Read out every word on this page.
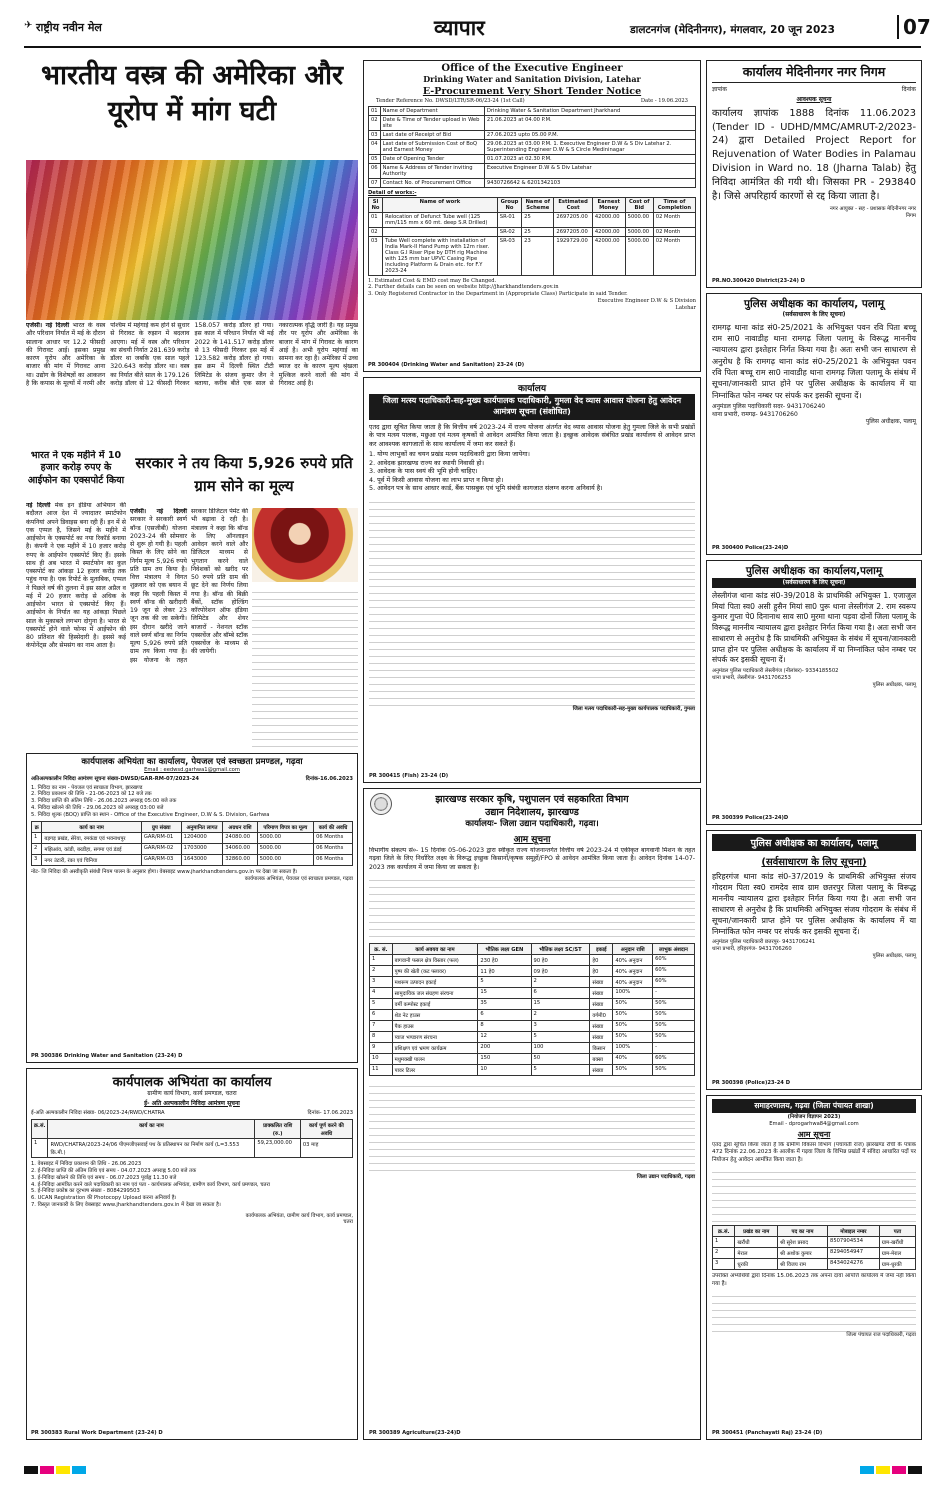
✈ राष्ट्रीय नवीन मेल	व्यापार	डालटनगंज (मेदिनीनगर), मंगलवार, 20 जून 2023	07
भारतीय वस्त्र की अमेरिका और यूरोप में मांग घटी
एजेंसी। नई दिल्ली भारत के वस्त्र और परिधान निर्यात में मई के दौरान सालाना आधार पर 12.2 फीसदी की गिरावट आई। इसका प्रमुख कारण यूरोप और अमेरिका के बाजार की मांग में गिरावट आना था। उद्योग के विशेषज्ञों का आकलन है कि कपास के मूल्यों में नरमी और पश्चिम में महंगाई कम होने से सुधार से गिरावट के रुझान में बदलाव आएगा। मई में वस्त्र और परिधान का संचयी निर्यात 281.639 करोड़ डॉलर था जबकि एक साल पहले 320.643 करोड़ डॉलर था। वस्त्र का निर्यात बीते साल के 179.126 करोड़ डॉलर से 12 फीसदी गिरकर 158.057 करोड़ डॉलर हो गया। इस काल में परिधान निर्यात भी मई 2022 के 141.517 करोड़ डॉलर से 13 फीसदी गिरकर इस मई में 123.582 करोड़ डॉलर हो गया। इस क्रम में दिल्ली स्थित टीटी लिमिटेड के संजय कुमार जैन ने बताया, करीब बीते एक साल से नकारात्मक वृद्धि जारी है। यह प्रमुख तौर पर यूरोप और अमेरिका के बाजार में मांग में गिरावट के कारण आई है। अभी यूरोप महंगाई का सामना कर रहा है। अमेरिका में उच्च ब्याज दर के कारण मूल्य श्रृंखला मुश्किल करने वालों की मांग में गिरावट आई है।
भारत ने एक महीने में 10 हजार करोड़ रुपए के आईफोन का एक्सपोर्ट किया
नई दिल्ली मेक इन इंडिया अभियान की बदौलत आज देश में ज्यादातर स्मार्टफोन कंपनियां अपने डिवाइस बना रही हैं। इन में से एक एप्पल है, जिसने मई के महीने में आईफोन के एक्सपोर्ट का नया रिकॉर्ड बनाया है। कंपनी ने एक महीने में 10 हजार करोड़ रुपए के आईफोन एक्सपोर्ट किए हैं। इसके साथ ही अब भारत में स्मार्टफोन का कुल एक्सपोर्ट का आंकड़ा 12 हजार करोड़ तक पहुंच गया है। एक रिपोर्ट के मुताबिक, एप्पल ने पिछले वर्ष की तुलना में इस साल अप्रैल व मई में 20 हजार करोड़ से अधिक के आईफोन भारत से एक्सपोर्ट किए हैं। आईफोन के निर्यात का यह आंकड़ा पिछले साल के मुकाबले लगभग दोगुना है। भारत से एक्सपोर्ट होने वाले फोन्स में आईफोन की 80 प्रतिशत की हिस्सेदारी है। इससे कई कंपोनेंट्स और सेमसंग का नाम आता है।
सरकार ने तय किया 5,926 रुपये प्रति ग्राम सोने का मूल्य
एजेंसी। नई दिल्ली सरकार ने सरकारी स्वर्ण बॉन्ड (एसजीबी) योजना 2023-24 की सोमवार से शुरू हो गयी है। पहली किस्त के लिए सोने का निर्गम मूल्य 5,926 रुपये प्रति ग्राम तय किया है। वित्त मंत्रालय ने विगत शुक्रवार को एक बयान में कहा कि पहली किस्त में स्वर्ण बॉन्ड की खरीदारी 19 जून से लेकर 23 जून तक की जा सकेगी। इस दौरान खरीदे जाने वाले स्वर्ण बॉन्ड का निर्गम मूल्य 5,926 रुपये प्रति ग्राम तय किया गया है। इस योजना के तहत सरकार डिजिटल पेमेंट की भी बढ़ावा दे रही है। मंत्रालय ने कहा कि बॉन्ड के लिए ऑनलाइन आवेदन करने वाले और डिजिटल माध्यम से भुगतान करने वाले निवेशकों को खरीद पर 50 रुपये प्रति ग्राम की छूट देने का निर्णय लिया गया है। बॉन्ड की बिक्री बैंकों, स्टॉक होल्डिंग कॉरपोरेशन ऑफ इंडिया लिमिटेड और शेयर बाजारों - नेशनल स्टॉक एक्सचेंज और बॉम्बे स्टॉक एक्सचेंज के माध्यम से की जायेगी।
कार्यपालक अभियंता का कार्यालय, पेयजल एवं स्वच्छता प्रमण्डल, गढ़वा
Email : eedwsd.garhwa1@gmail.com
अतिअल्पकालीन निविदा आमंत्रण सूचना संख्या-DWSD/GAR-RM-07/2023-24	दिनांक-16.06.2023
1. निविदा का नाम - पेयजल एवं स्वच्छता विभाग, झारखण्ड
2. निविदा प्रकाशन की तिथि - 21-06-2023 को 12 बजे तक
3. निविदा प्राप्ति की अंतिम तिथि - 26.06.2023 अपराह्न 05:00 बजे तक
4. निविदा खोलने की तिथि - 29.06.2023 को अपराह्न 03:00 बजे
5. निविदा शुल्क (BOQ) प्राप्ति का स्थान - Office of the Executive Engineer, D.W & S. Division, Garhwa
क्र	कार्य का नाम	ग्रुप संख्या	अनुमानित लागत	अग्रधन राशि	परिमाण विपत्र का मूल्य	कार्य की अवधि
1	बड़गड़ प्रखंड, सेरेया, रमकंडा एवं भवनाथपुर	GAR/RM-01	1204000	24080.00	5000.00	06 Months
2	मझिआंव, कांडी, बरडीहा, सगमा एवं डंडई	GAR/RM-02	1703000	34060.00	5000.00	06 Months
3	नगर उंटारी, रंका एवं चिनिया	GAR/RM-03	1643000	32860.00	5000.00	06 Months
नोट- जि निविदा की अस्वीकृति संबंधी नियम पालन के अनुसार होगा। वेबसाइट www.jharkhandtenders.gov.in पर देखा जा सकता है।
कार्यपालक अभियंता, पेयजल एवं स्वच्छता प्रमण्डल, गढ़वा
PR 300386 Drinking Water and Sanitation (23-24) D
कार्यपालक अभियंता का कार्यालय
ग्रामीण कार्य विभाग, कार्य प्रमण्डल, चतरा
ई- अति अल्पकालीन निविदा आमंत्रण सूचना
ई-अति अल्पकालीन निविदा संख्या- 06/2023-24/RWD/CHATRA	दिनांक- 17.06.2023
क्र.सं.	कार्य का नाम	प्राक्कलित राशि (रु.)	कार्य पूर्ण करने की अवधि
1	RWD/CHATRA/2023-24/06 पीएमजीएसवाई पथ के प्रतिस्थापन का निर्माण कार्य (L=3.553 कि.मी.)	59,23,000.00	03 माह
1. वेबसाइट में निविदा प्रकाशन की तिथि - 26.06.2023
2. ई-निविदा प्राप्ति की अंतिम तिथि एवं समय - 04.07.2023 अपराह्न 5.00 बजे तक
3. ई-निविदा खोलने की तिथि एवं समय - 06.07.2023 पूर्वाह्न 11.30 बजे
4. ई-निविदा आमंत्रित करने वाले पदाधिकारी का नाम एवं पता - कार्यपालक अभियंता, ग्रामीण कार्य विभाग, कार्य प्रमण्डल, चतरा
5. ई-निविदा प्रकोष्ठ का दूरभाष संख्या - 8084299503
6. UCAN Registration की Photocopy Upload करना अनिवार्य है।
7. विस्तृत जानकारी के लिए वेबसाइट www.jharkhandtenders.gov.in में देखा जा सकता है।
कार्यपालक अभियंता, ग्रामीण कार्य विभाग, कार्य प्रमण्डल, चतरा
PR 300383 Rural Work Department (23-24) D
Office of the Executive Engineer
Drinking Water and Sanitation Division, Latehar
E-Procurement Very Short Tender Notice
Tender Reference No. DWSD/LTR/SR-06/23-24 (1st Call)	Date - 19.06.2023
01	Name of Department	Drinking Water & Sanitation Department Jharkhand
02	Date & Time of Tender upload in Web site	21.06.2023 at 04.00 P.M.
03	Last date of Receipt of Bid	27.06.2023 upto 05.00 P.M.
04	Last date of Submission Cost of BoQ and Earnest Money	29.06.2023 at 03.00 P.M. 1. Executive Engineer D.W & S Div Latehar 2. Superintending Engineer D.W & S Circle Medininagar
05	Date of Opening Tender	01.07.2023 at 02.30 P.M.
06	Name & Address of Tender inviting Authority	Executive Engineer D.W & S Div Latehar
07	Contact No. of Procurement Office	9430726642 & 6201342103
Detail of works:-
Sl No	Name of work	Group No	Name of Scheme	Estimated Cost	Earnest Money	Cost of Bid	Time of Completion
01	Relocation of Defunct Tube well (125 mm/115 mm x 60 mt. deep S.R Drilled)	SR-01	25	2697205.00	42000.00	5000.00	02 Month
02		SR-02	25	2697205.00	42000.00	5000.00	02 Month
03	Tube Well complete with installation of India Mark-II Hand Pump with 12m riser. Class G.I Riser Pipe by DTH rig Machine with 125 mm bar UPVC Casing Pipe including Platform & Drain etc. for F.Y 2023-24	SR-03	23	1929729.00	42000.00	5000.00	02 Month
1. Estimated Cost & EMD cost may Be Changed.
2. Further details can be seen on website http://jharkhandtenders.gov.in
3. Only Registered Contractor in the Department in (Appropriate Class) Participate in said Tender.
Executive Engineer D.W & S Division Latehar
PR 300404 (Drinking Water and Sanitation) 23-24 (D)
कार्यालय
जिला मत्स्य पदाधिकारी-सह-मुख्य कार्यपालक पदाधिकारी, गुमला वेद व्यास आवास योजना हेतु आवेदन आमंत्रण सूचना (संशोधित)
एतद द्वारा सूचित किया जाता है कि वित्तीय वर्ष 2023-24 में राज्य योजना अंतर्गत वेद व्यास आवास योजना हेतु गुमला जिले के सभी प्रखंडों के पात्र मत्स्य पालक, मछुआ एवं मत्स्य कृषकों से आवेदन आमंत्रित किया जाता है। इच्छुक आवेदक संबंधित प्रखंड कार्यालय से आवेदन प्राप्त कर आवश्यक कागजातों के साथ कार्यालय में जमा कर सकते हैं।
1. योग्य लाभुकों का चयन प्रखंड मत्स्य पदाधिकारी द्वारा किया जायेगा।
2. आवेदक झारखण्ड राज्य का स्थायी निवासी हो।
3. आवेदक के पास स्वयं की भूमि होनी चाहिए।
4. पूर्व में किसी आवास योजना का लाभ प्राप्त न किया हो।
5. आवेदन पत्र के साथ आधार कार्ड, बैंक पासबुक एवं भूमि संबंधी कागजात संलग्न करना अनिवार्य है।
जिला मत्स्य पदाधिकारी-सह-मुख्य कार्यपालक पदाधिकारी, गुमला
PR 300415 (Fish) 23-24 (D)
झारखण्ड सरकार कृषि, पशुपालन एवं सहकारिता विभाग
उद्यान निदेशालय, झारखण्ड
कार्यालयः- जिला उद्यान पदाधिकारी, गढ़वा।
आम सूचना
विभागीय संकल्प सं०- 15 दिनांक 05-06-2023 द्वारा स्वीकृत राज्य योजनान्तर्गत वित्तीय वर्ष 2023-24 में एकीकृत बागवानी मिशन के तहत गढ़वा जिले के लिए निर्धारित लक्ष्य के विरूद्ध इच्छुक किसानों/कृषक समूहों/FPO से आवेदन आमंत्रित किया जाता है। आवेदन दिनांक 14-07-2023 तक कार्यालय में जमा किया जा सकता है।
क्र. सं.	कार्य अवयव का नाम	भौतिक लक्ष्य GEN	भौतिक लक्ष्य SC/ST	इकाई	अनुदान राशि	लाभुक अंशदान
1	बागवानी फसल क्षेत्र विस्तार (फल)	230 हे0	90 हे0	हे0	40% अनुदान	60%
2	पुष्प की खेती (कट फ्लावर)	11 हे0	09 हे0	हे0	40% अनुदान	60%
3	मशरूम उत्पादन इकाई	5	2	संख्या	40% अनुदान	60%
4	सामुदायिक जल संग्रहण संरचना	15	6	संख्या	100%	-
5	वर्मी कम्पोस्ट इकाई	35	15	संख्या	50%	50%
6	शेड नेट हाउस	6	2	वर्गमी0	50%	50%
7	पैक हाउस	8	3	संख्या	50%	50%
8	प्याज भण्डारण संरचना	12	5	संख्या	50%	50%
9	प्रशिक्षण एवं भ्रमण कार्यक्रम	200	100	किसान	100%	-
10	मधुमक्खी पालन	150	50	बक्सा	40%	60%
11	पावर टिलर	10	5	संख्या	50%	50%
जिला उद्यान पदाधिकारी, गढ़वा
PR 300389 Agriculture(23-24)D
कार्यालय मेदिनीनगर नगर निगम
ज्ञापांक	दिनांक
आवश्यक सूचना
कार्यालय ज्ञापांक 1888 दिनांक 11.06.2023 (Tender ID - UDHD/MMC/AMRUT-2/2023-24) द्वारा Detailed Project Report for Rejuvenation of Water Bodies in Palamau Division in Ward no. 18 (Jharna Talab) हेतु निविदा आमंत्रित की गयी थी। जिसका PR - 293840 है। जिसे अपरिहार्य कारणों से रद्द किया जाता है।
नगर आयुक्त - सह - प्रशासक मेदिनीनगर नगर निगम
PR.NO.300420 District(23-24) D
पुलिस अधीक्षक का कार्यालय, पलामू
(सर्वसाधारण के लिए सूचना)
रामगढ़ थाना कांड सं0-25/2021 के अभियुक्त पवन रवि पिता बच्चू राम सा0 नावाडीह थाना रामगढ़ जिला पलामू के विरूद्ध माननीय न्यायालय द्वारा इश्तेहार निर्गत किया गया है। अतः सभी जन साधारण से अनुरोध है कि रामगढ़ थाना कांड सं0-25/2021 के अभियुक्त पवन रवि पिता बच्चू राम सा0 नावाडीह थाना रामगढ़ जिला पलामू के संबंध में सूचना/जानकारी प्राप्त होने पर पुलिस अधीक्षक के कार्यालय में या निम्नांकित फोन नम्बर पर संपर्क कर इसकी सूचना दें।
अनुमंडल पुलिस पदाधिकारी सदर- 9431706240
थाना प्रभारी, रामगढ़- 9431706260
पुलिस अधीक्षक, पलामू
PR 300400 Police(23-24)D
पुलिस अधीक्षक का कार्यालय,पलामू
(सर्वसाधारण के लिए सूचना)
लेस्लीगंज थाना कांड सं0-39/2018 के प्राथमिकी अभियुक्त 1. एजाजुल मियां पिता स्व0 असी हुसैन मियां सा0 पुरू थाना लेस्लीगंज 2. राम स्वरूप कुमार गुप्ता पे0 दिनानाथ साव सा0 मुरमा थाना पड़वा दोनों जिला पलामू के विरूद्ध माननीय न्यायालय द्वारा इश्तेहार निर्गत किया गया है। अतः सभी जन साधारण से अनुरोध है कि प्राथमिकी अभियुक्त के संबंध में सूचना/जानकारी प्राप्त होन पर पुलिस अधीक्षक के कार्यालय में या निम्नांकित फोन नम्बर पर संपर्क कर इसकी सूचना दें।
अनुमंडल पुलिस पदाधिकारी लेस्लीगंज (नीलांबर)- 9334185502
थाना प्रभारी, लेस्लीगंज- 9431706253
पुलिस अधीक्षक, पलामू
PR 300399 Police(23-24)D
पुलिस अधीक्षक का कार्यालय, पलामू
(सर्वसाधारण के लिए सूचना)
हरिहरगंज थाना कांड सं0-37/2019 के प्राथमिकी अभियुक्त संजय गोदराम पिता स्व0 रामदेव साव ग्राम छतरपुर जिला पलामू के विरूद्ध माननीय न्यायालय द्वारा इश्तेहार निर्गत किया गया है। अतः सभी जन साधारण से अनुरोध है कि प्राथमिकी अभियुक्त संजय गोदराम के संबंध में सूचना/जानकारी प्राप्त होने पर पुलिस अधीक्षक के कार्यालय में या निम्नांकित फोन नम्बर पर संपर्क कर इसकी सूचना दें।
अनुमंडल पुलिस पदाधिकारी छतरपुर- 9431706241
थाना प्रभारी, हरिहरगंज- 9431706260
पुलिस अधीक्षक, पलामू
PR 300398 (Police)23-24 D
समाहरणालय, गढ़वा (जिला पंचायत शाखा)
(नियोजन विज्ञापन 2023)
Email - dprogarhwa84@gmail.com
आम सूचना
एतद द्वारा सूचित किया जाता है कि ग्रामीण विकास विभाग (पंचायती राज) झारखण्ड राँची के पत्रांक 472 दिनांक 22.06.2023 के आलोक में गढ़वा जिला के विभिन्न प्रखंडों में संविदा आधारित पदों पर नियोजन हेतु आवेदन आमंत्रित किया जाता है।
क्र.सं.	प्रखंड का नाम	पद का नाम	मोबाइल नम्बर	पता
1	खरौंधी	श्री सुरेश प्रसाद	8507904534	ग्राम-खरौंधी
2	मेराल	श्री अशोक कुमार	8294054947	ग्राम-मेराल
3	धुरकी	श्री विजय राम	8434024276	ग्राम-धुरकी
उपरोक्त अभ्यर्थियों द्वारा दिनांक 15.06.2023 तक अपना दावा आपत्ति कार्यालय में जमा नहीं किया गया है।
जिला पंचायत राज पदाधिकारी, गढ़वा
PR 300451 (Panchayati Raj) 23-24 (D)
